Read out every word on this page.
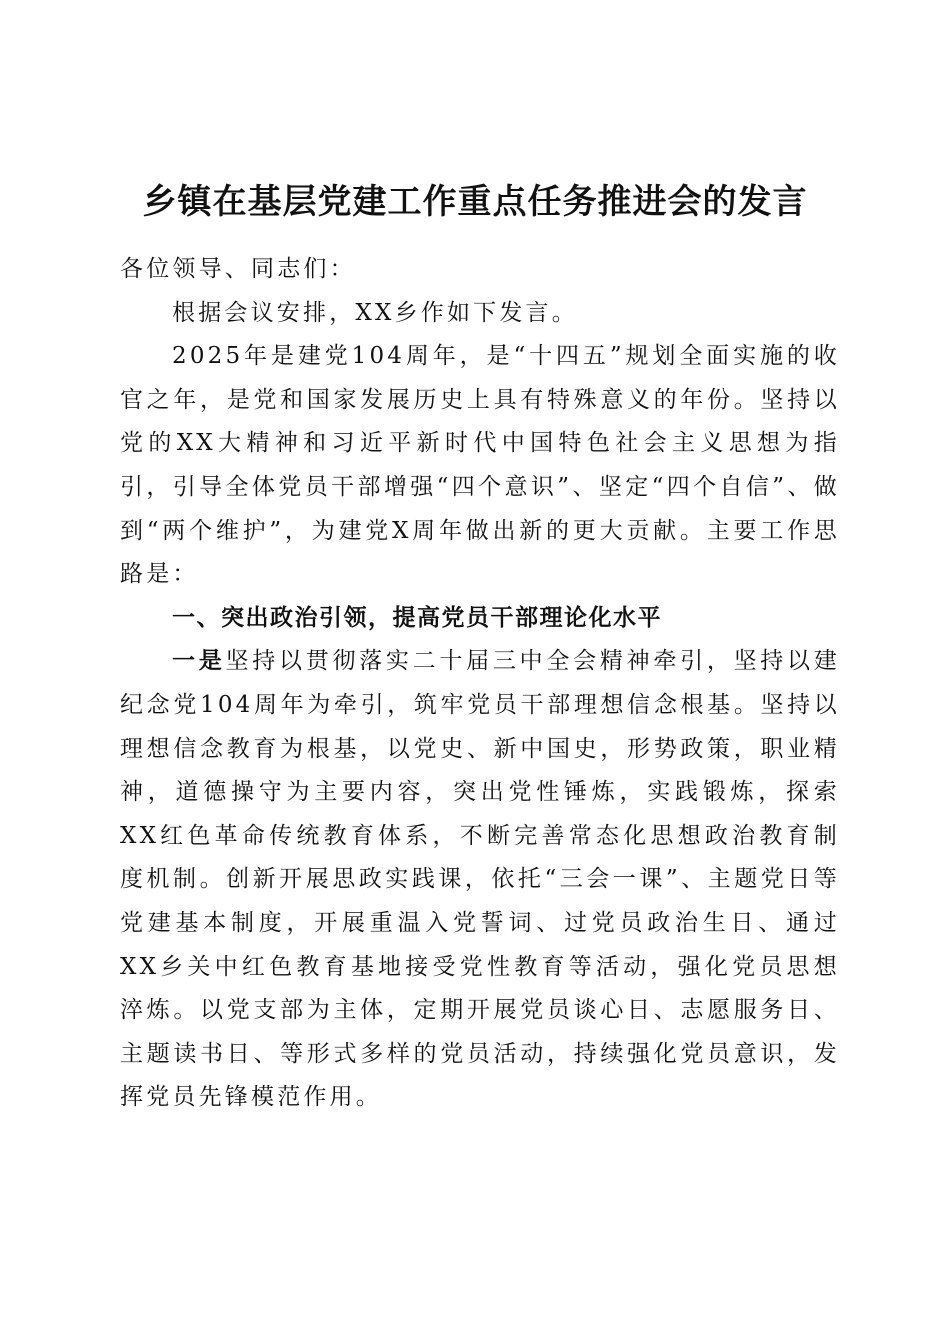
乡镇在基层党建工作重点任务推进会的发言

各位领导、同志们：

根据会议安排，XX乡作如下发言。

2025年是建党104周年，是“十四五”规划全面实施的收官之年，是党和国家发展历史上具有特殊意义的年份。坚持以党的XX大精神和习近平新时代中国特色社会主义思想为指引，引导全体党员干部增强“四个意识”、坚定“四个自信”、做到“两个维护”，为建党X周年做出新的更大贡献。主要工作思路是：

一、突出政治引领，提高党员干部理论化水平

一是坚持以贯彻落实二十届三中全会精神牵引，坚持以建纪念党104周年为牵引，筑牢党员干部理想信念根基。坚持以理想信念教育为根基，以党史、新中国史，形势政策，职业精神，道德操守为主要内容，突出党性锤炼，实践锻炼，探索XX红色革命传统教育体系，不断完善常态化思想政治教育制度机制。创新开展思政实践课，依托“三会一课”、主题党日等党建基本制度，开展重温入党誓词、过党员政治生日、通过XX乡关中红色教育基地接受党性教育等活动，强化党员思想淬炼。以党支部为主体，定期开展党员谈心日、志愿服务日、主题读书日、等形式多样的党员活动，持续强化党员意识，发挥党员先锋模范作用。
